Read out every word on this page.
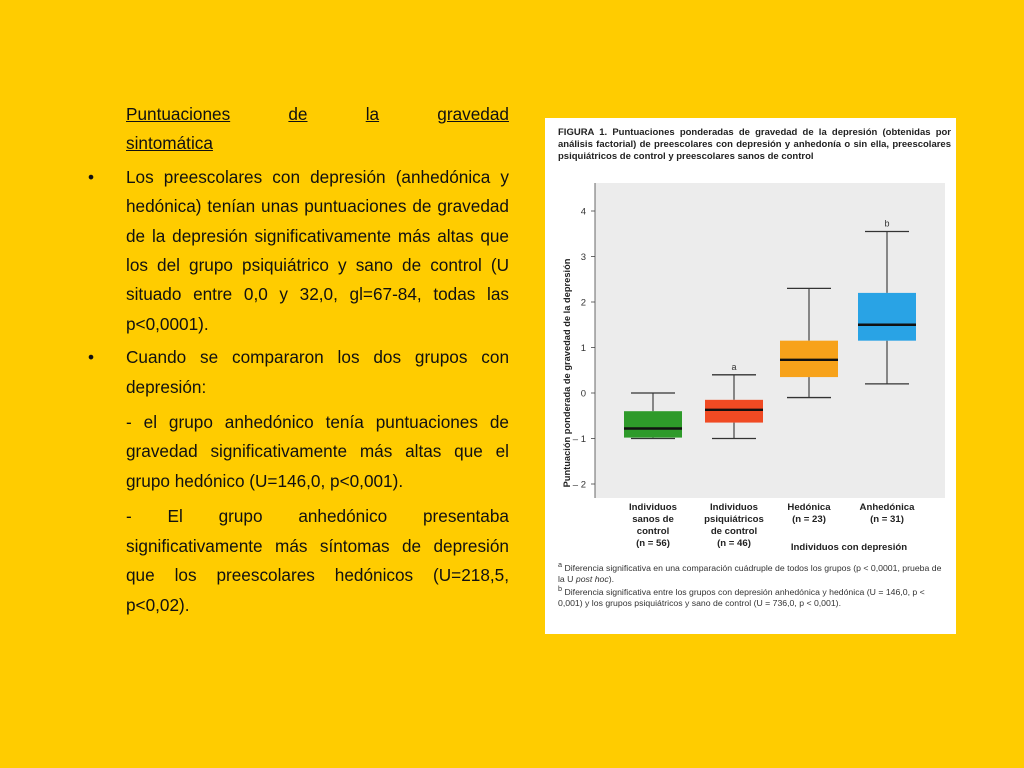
Puntuaciones	de	la	gravedad
sintomática
•	Los preescolares con depresión (anhedónica y hedónica) tenían unas puntuaciones de gravedad de la depresión significativamente más altas que los del grupo psiquiátrico y sano de control (U situado entre 0,0 y 32,0, gl=67-84, todas las p<0,0001).
•	Cuando se compararon los dos grupos con depresión:
- el grupo anhedónico tenía puntuaciones de gravedad significativamente más altas que el grupo hedónico (U=146,0, p<0,001).
- El grupo anhedónico presentaba significativamente más síntomas de depresión que los preescolares hedónicos (U=218,5, p<0,02).
FIGURA 1. Puntuaciones ponderadas de gravedad de la depresión (obtenidas por análisis factorial) de preescolares con depresión y anhedonía o sin ella, preescolares psiquiátricos de control y preescolares sanos de control
4
3
2
1
0
– 1
– 2
Puntuación ponderada de gravedad de la depresión
Individuos
sanos de
control
(n = 56)
a
Individuos
psiquiátricos
de control
(n = 46)
Hedónica
(n = 23)
b
Anhedónica
(n = 31)
Individuos con depresión

$^a$ Diferencia significativa en una comparación cuádruple de todos los grupos (p < 0,0001, prueba de la U post hoc).

$^b$ Diferencia significativa entre los grupos con depresión anhedónica y hedónica (U = 146,0, p < 0,001) y los grupos psiquiátricos y sano de control (U = 736,0, p < 0,001).
